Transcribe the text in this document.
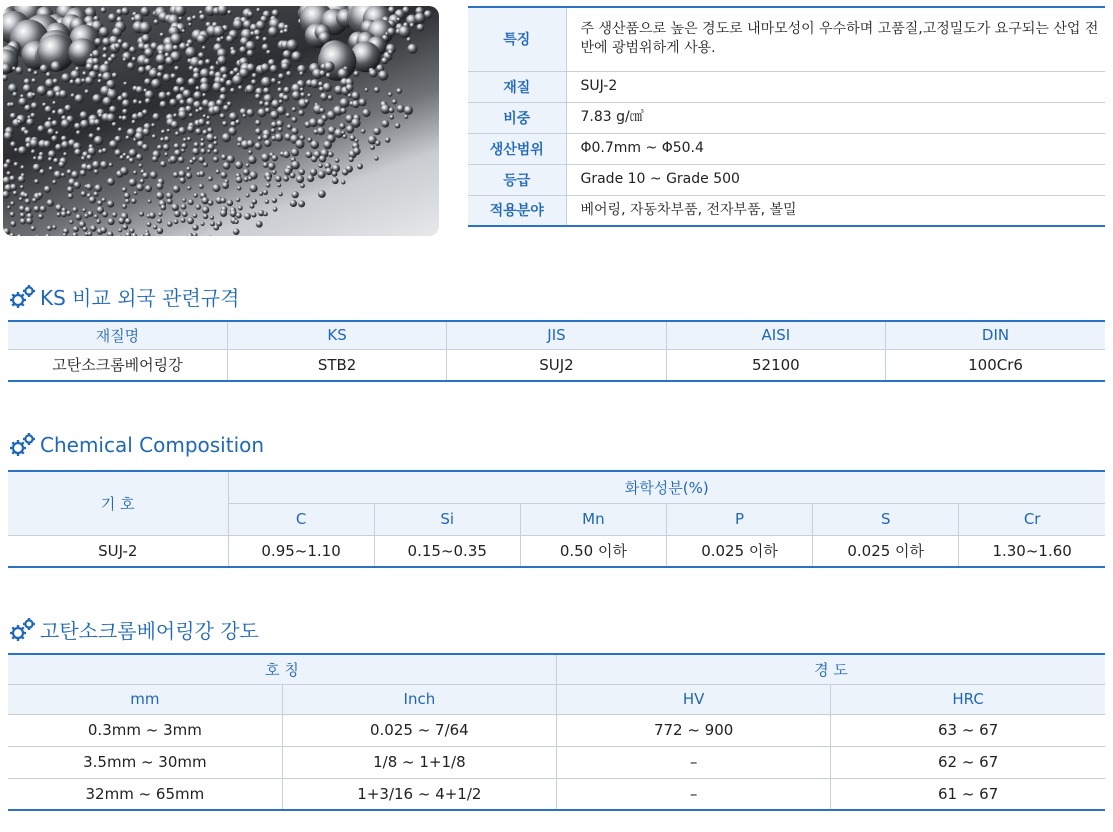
특징	주 생산품으로 높은 경도로 내마모성이 우수하며 고품질,고정밀도가 요구되는 산업 전반에 광범위하게 사용.
재질	SUJ-2
비중	7.83 g/㎤
생산범위	Φ0.7mm ~ Φ50.4
등급	Grade 10 ~ Grade 500
적용분야	베어링, 자동차부품, 전자부품, 볼밀
KS 비교 외국 관련규격
재질명	KS	JIS	AISI	DIN
고탄소크롬베어링강	STB2	SUJ2	52100	100Cr6
Chemical Composition
기 호	화학성분(%)					
	C	Si	Mn	P	S	Cr
SUJ-2	0.95~1.10	0.15~0.35	0.50 이하	0.025 이하	0.025 이하	1.30~1.60
고탄소크롬베어링강 강도
호 칭		경 도	
mm	Inch	HV	HRC
0.3mm ~ 3mm	0.025 ~ 7/64	772 ~ 900	63 ~ 67
3.5mm ~ 30mm	1/8 ~ 1+1/8	–	62 ~ 67
32mm ~ 65mm	1+3/16 ~ 4+1/2	–	61 ~ 67
